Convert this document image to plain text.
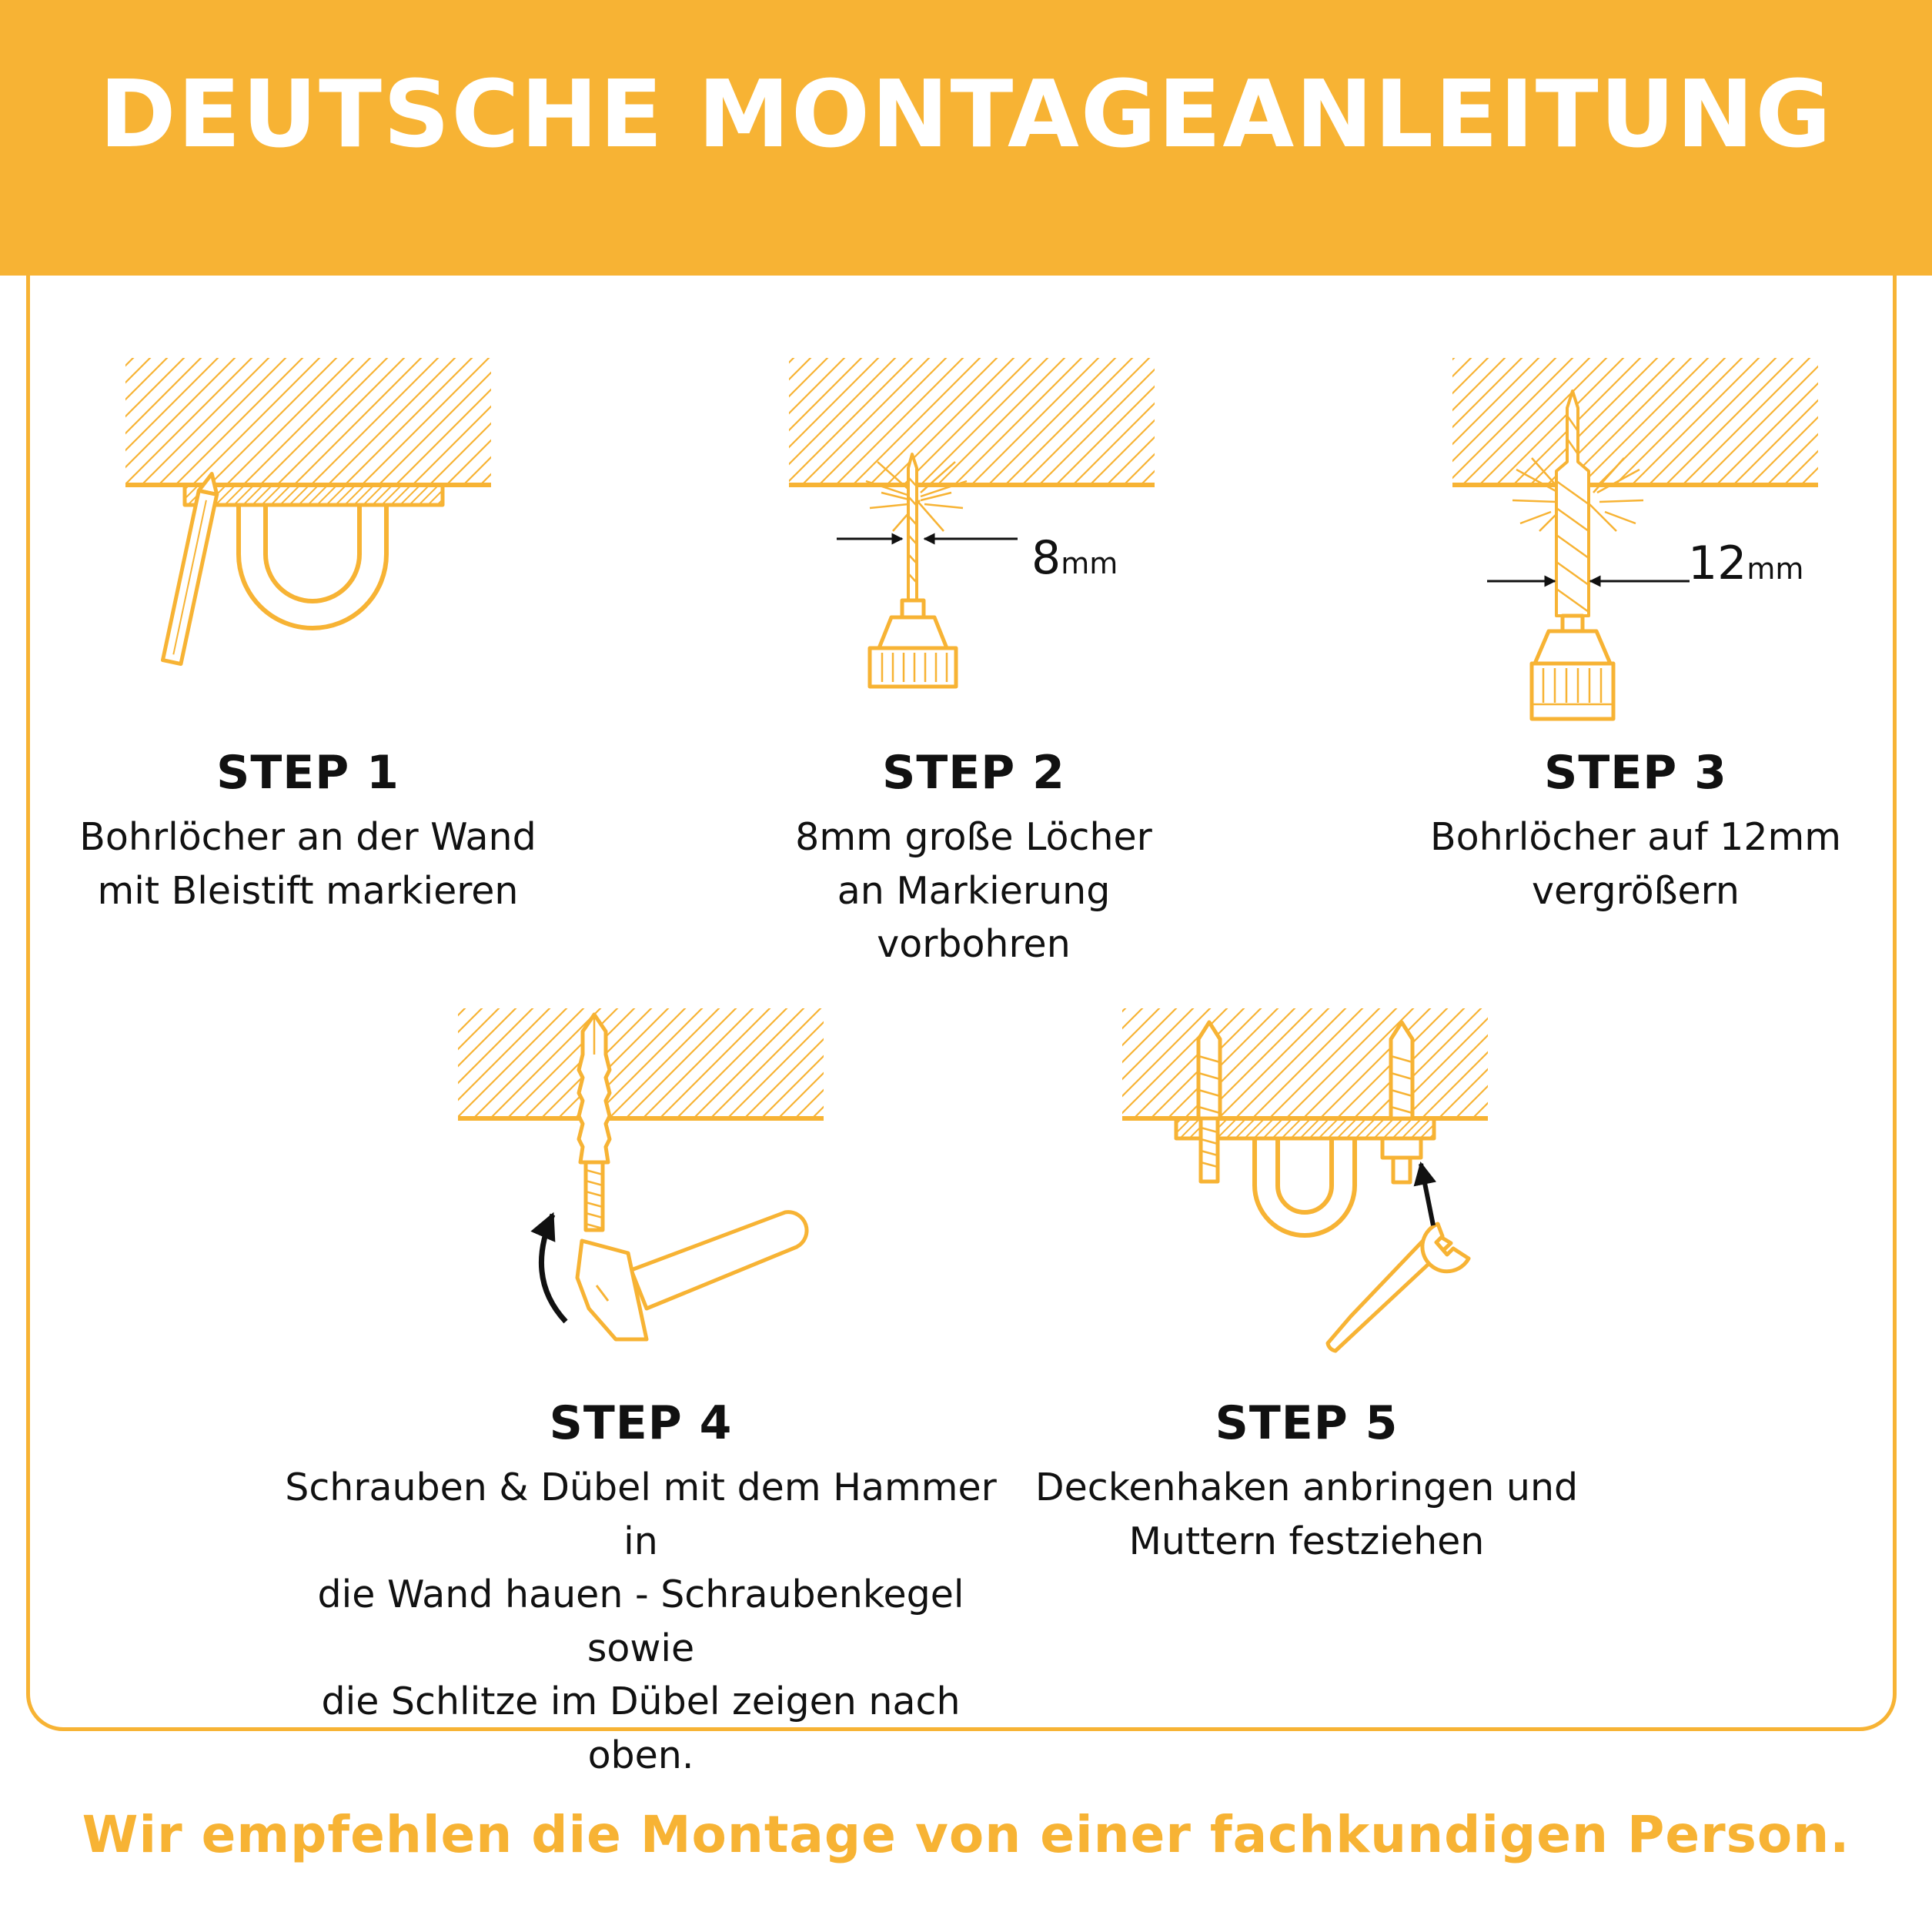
DEUTSCHE MONTAGEANLEITUNG
8mm	12mm
STEP 1
Bohrlöcher an der Wand
mit Bleistift markieren
STEP 2
8mm große Löcher
an Markierung vorbohren
STEP 3
Bohrlöcher auf 12mm
vergrößern
STEP 4
Schrauben & Dübel mit dem Hammer in
die Wand hauen - Schraubenkegel sowie
die Schlitze im Dübel zeigen nach oben.
STEP 5
Deckenhaken anbringen und
Muttern festziehen
Wir empfehlen die Montage von einer fachkundigen Person.
